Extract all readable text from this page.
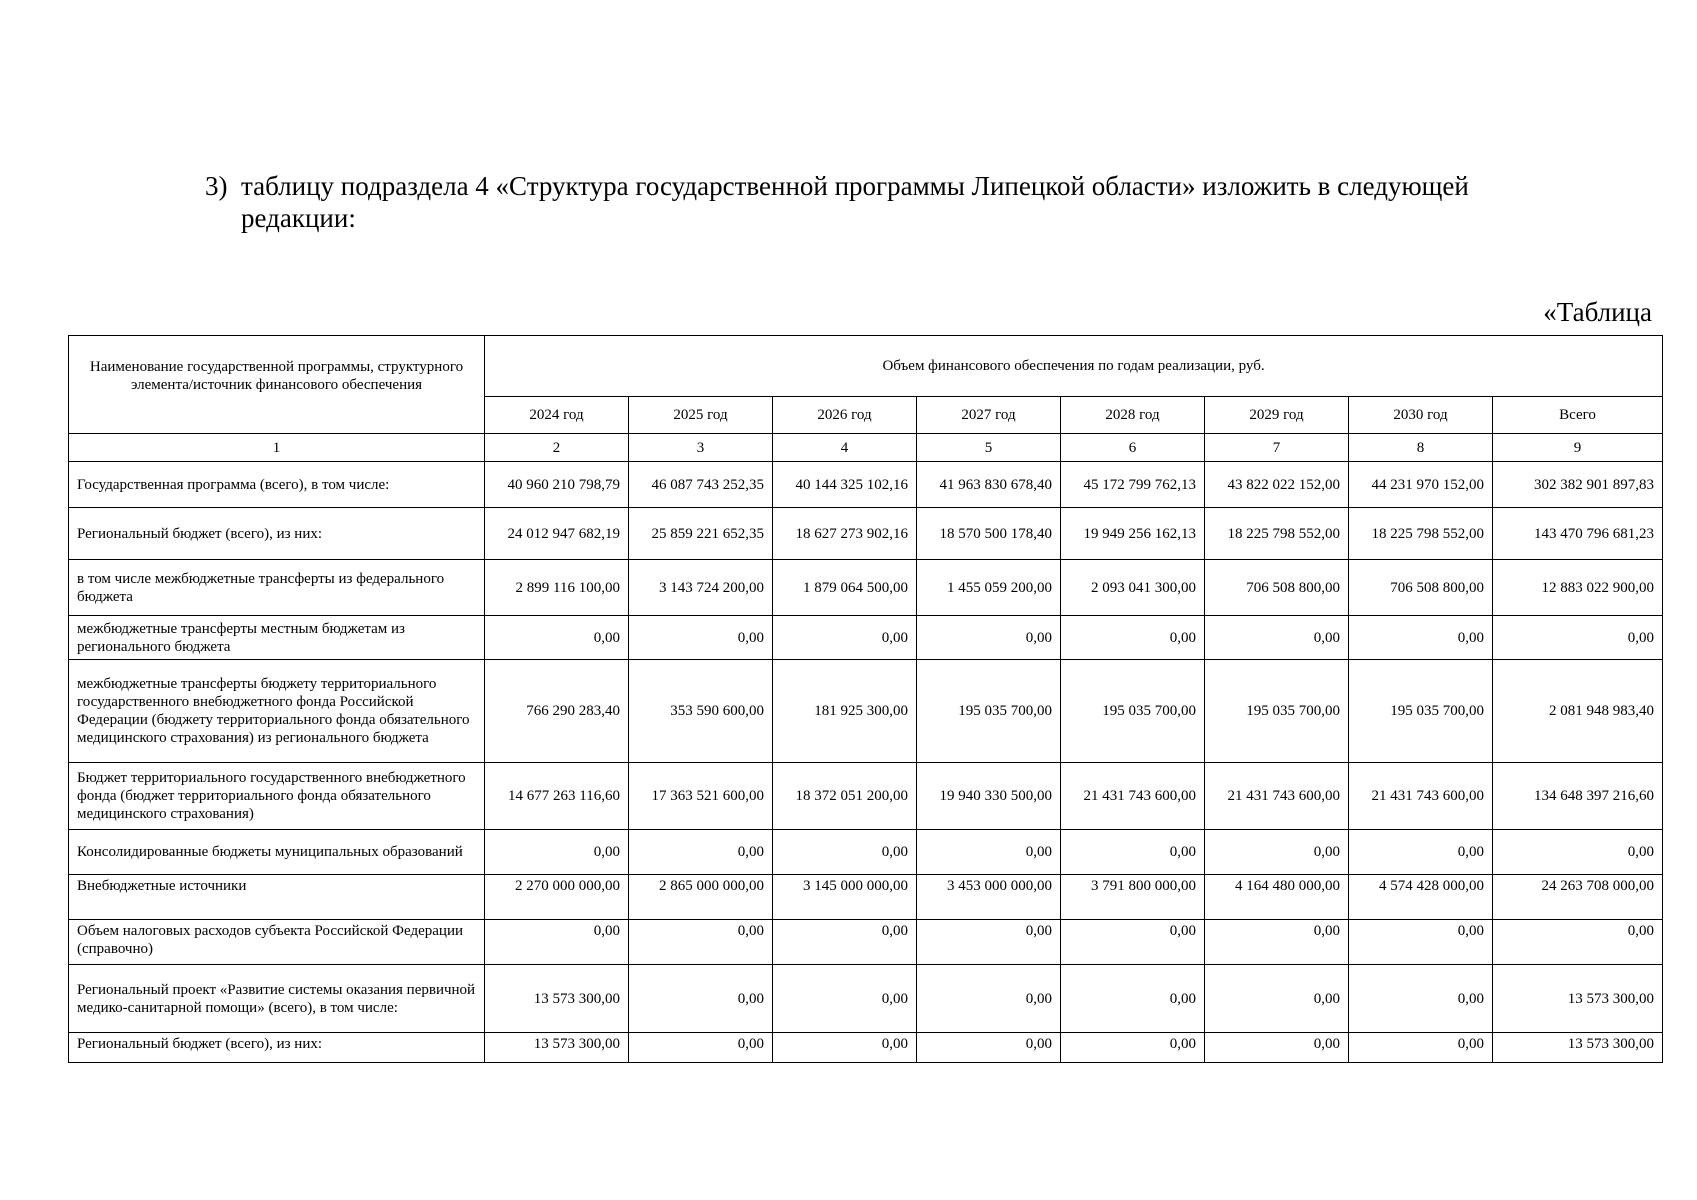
3) таблицу подраздела 4 «Структура государственной программы Липецкой области» изложить в следующей редакции:
«Таблица
Наименование государственной программы, структурного элемента/источник финансового обеспечения	Объем финансового обеспечения по годам реализации, руб.							
	2024 год	2025 год	2026 год	2027 год	2028 год	2029 год	2030 год	Всего
1	2	3	4	5	6	7	8	9
Государственная программа (всего), в том числе:	40 960 210 798,79	46 087 743 252,35	40 144 325 102,16	41 963 830 678,40	45 172 799 762,13	43 822 022 152,00	44 231 970 152,00	302 382 901 897,83
Региональный бюджет (всего), из них:	24 012 947 682,19	25 859 221 652,35	18 627 273 902,16	18 570 500 178,40	19 949 256 162,13	18 225 798 552,00	18 225 798 552,00	143 470 796 681,23
в том числе межбюджетные трансферты из федерального бюджета	2 899 116 100,00	3 143 724 200,00	1 879 064 500,00	1 455 059 200,00	2 093 041 300,00	706 508 800,00	706 508 800,00	12 883 022 900,00
межбюджетные трансферты местным бюджетам из регионального бюджета	0,00	0,00	0,00	0,00	0,00	0,00	0,00	0,00
межбюджетные трансферты бюджету территориального государственного внебюджетного фонда Российской Федерации (бюджету территориального фонда обязательного медицинского страхования) из регионального бюджета	766 290 283,40	353 590 600,00	181 925 300,00	195 035 700,00	195 035 700,00	195 035 700,00	195 035 700,00	2 081 948 983,40
Бюджет территориального государственного внебюджетного фонда (бюджет территориального фонда обязательного медицинского страхования)	14 677 263 116,60	17 363 521 600,00	18 372 051 200,00	19 940 330 500,00	21 431 743 600,00	21 431 743 600,00	21 431 743 600,00	134 648 397 216,60
Консолидированные бюджеты муниципальных образований	0,00	0,00	0,00	0,00	0,00	0,00	0,00	0,00
Внебюджетные источники	2 270 000 000,00	2 865 000 000,00	3 145 000 000,00	3 453 000 000,00	3 791 800 000,00	4 164 480 000,00	4 574 428 000,00	24 263 708 000,00
Объем налоговых расходов субъекта Российской Федерации (справочно)	0,00	0,00	0,00	0,00	0,00	0,00	0,00	0,00
Региональный проект «Развитие системы оказания первичной медико-санитарной помощи» (всего), в том числе:	13 573 300,00	0,00	0,00	0,00	0,00	0,00	0,00	13 573 300,00
Региональный бюджет (всего), из них:	13 573 300,00	0,00	0,00	0,00	0,00	0,00	0,00	13 573 300,00
